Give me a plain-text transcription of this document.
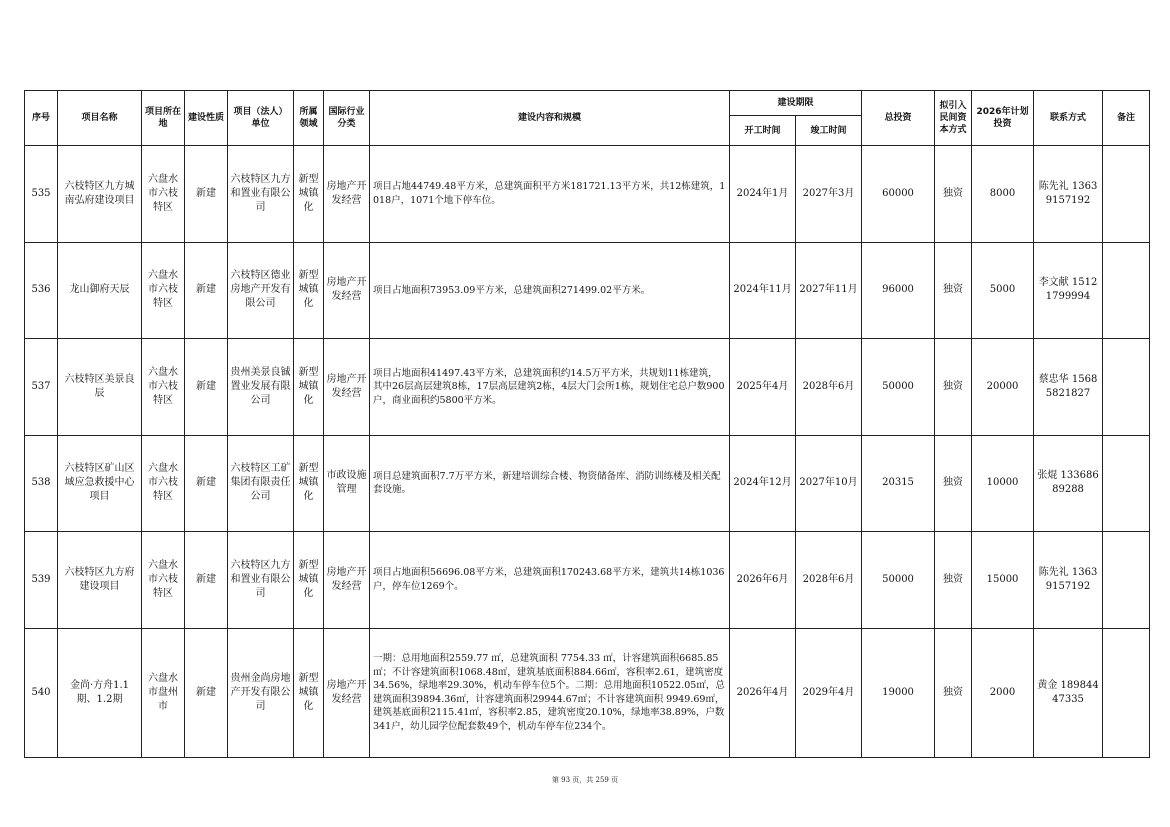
序号	项目名称	项目所在地	建设性质	项目（法人）单位	所属领域	国际行业分类	建设内容和规模	建设期限		总投资	拟引入民间资本方式	2026年计划投资	联系方式	备注
								开工时间	竣工时间					
535	六枝特区九方城南弘府建设项目	六盘水市六枝特区	新建	六枝特区九方和置业有限公司	新型城镇化	房地产开发经营	项目占地44749.48平方米，总建筑面积平方米181721.13平方米，共12栋建筑，1018户，1071个地下停车位。	2024年1月	2027年3月	60000	独资	8000	陈先礼 13639157192	
536	龙山御府天辰	六盘水市六枝特区	新建	六枝特区德业房地产开发有限公司	新型城镇化	房地产开发经营	项目占地面积73953.09平方米，总建筑面积271499.02平方米。	2024年11月	2027年11月	96000	独资	5000	李文献 15121799994	
537	六枝特区美景良辰	六盘水市六枝特区	新建	贵州美景良铖置业发展有限公司	新型城镇化	房地产开发经营	项目占地面积41497.43平方米，总建筑面积约14.5万平方米，共规划11栋建筑，其中26层高层建筑8栋，17层高层建筑2栋，4层大门会所1栋，规划住宅总户数900户，商业面积约5800平方米。	2025年4月	2028年6月	50000	独资	20000	蔡忠华 15685821827	
538	六枝特区矿山区域应急救援中心项目	六盘水市六枝特区	新建	六枝特区工矿集团有限责任公司	新型城镇化	市政设施管理	项目总建筑面积7.7万平方米，新建培训综合楼、物资储备库、消防训练楼及相关配套设施。	2024年12月	2027年10月	20315	独资	10000	张焜 13368689288	
539	六枝特区九方府建设项目	六盘水市六枝特区	新建	六枝特区九方和置业有限公司	新型城镇化	房地产开发经营	项目占地面积56696.08平方米，总建筑面积170243.68平方米，建筑共14栋1036户，停车位1269个。	2026年6月	2028年6月	50000	独资	15000	陈先礼 13639157192	
540	金尚·方舟1.1期、1.2期	六盘水市盘州市	新建	贵州金尚房地产开发有限公司	新型城镇化	房地产开发经营	一期：总用地面积2559.77 ㎡，总建筑面积 7754.33 ㎡，计容建筑面积6685.85㎡；不计容建筑面积1068.48㎡，建筑基底面积884.66㎡，容积率2.61，建筑密度34.56%，绿地率29.30%，机动车停车位5个。二期：总用地面积10522.05㎡，总建筑面积39894.36㎡，计容建筑面积29944.67㎡；不计容建筑面积 9949.69㎡，建筑基底面积2115.41㎡，容积率2.85，建筑密度20.10%，绿地率38.89%，户数341户，幼儿园学位配套数49个，机动车停车位234个。	2026年4月	2029年4月	19000	独资	2000	黄金 18984447335	
第 93 页，共 259 页
